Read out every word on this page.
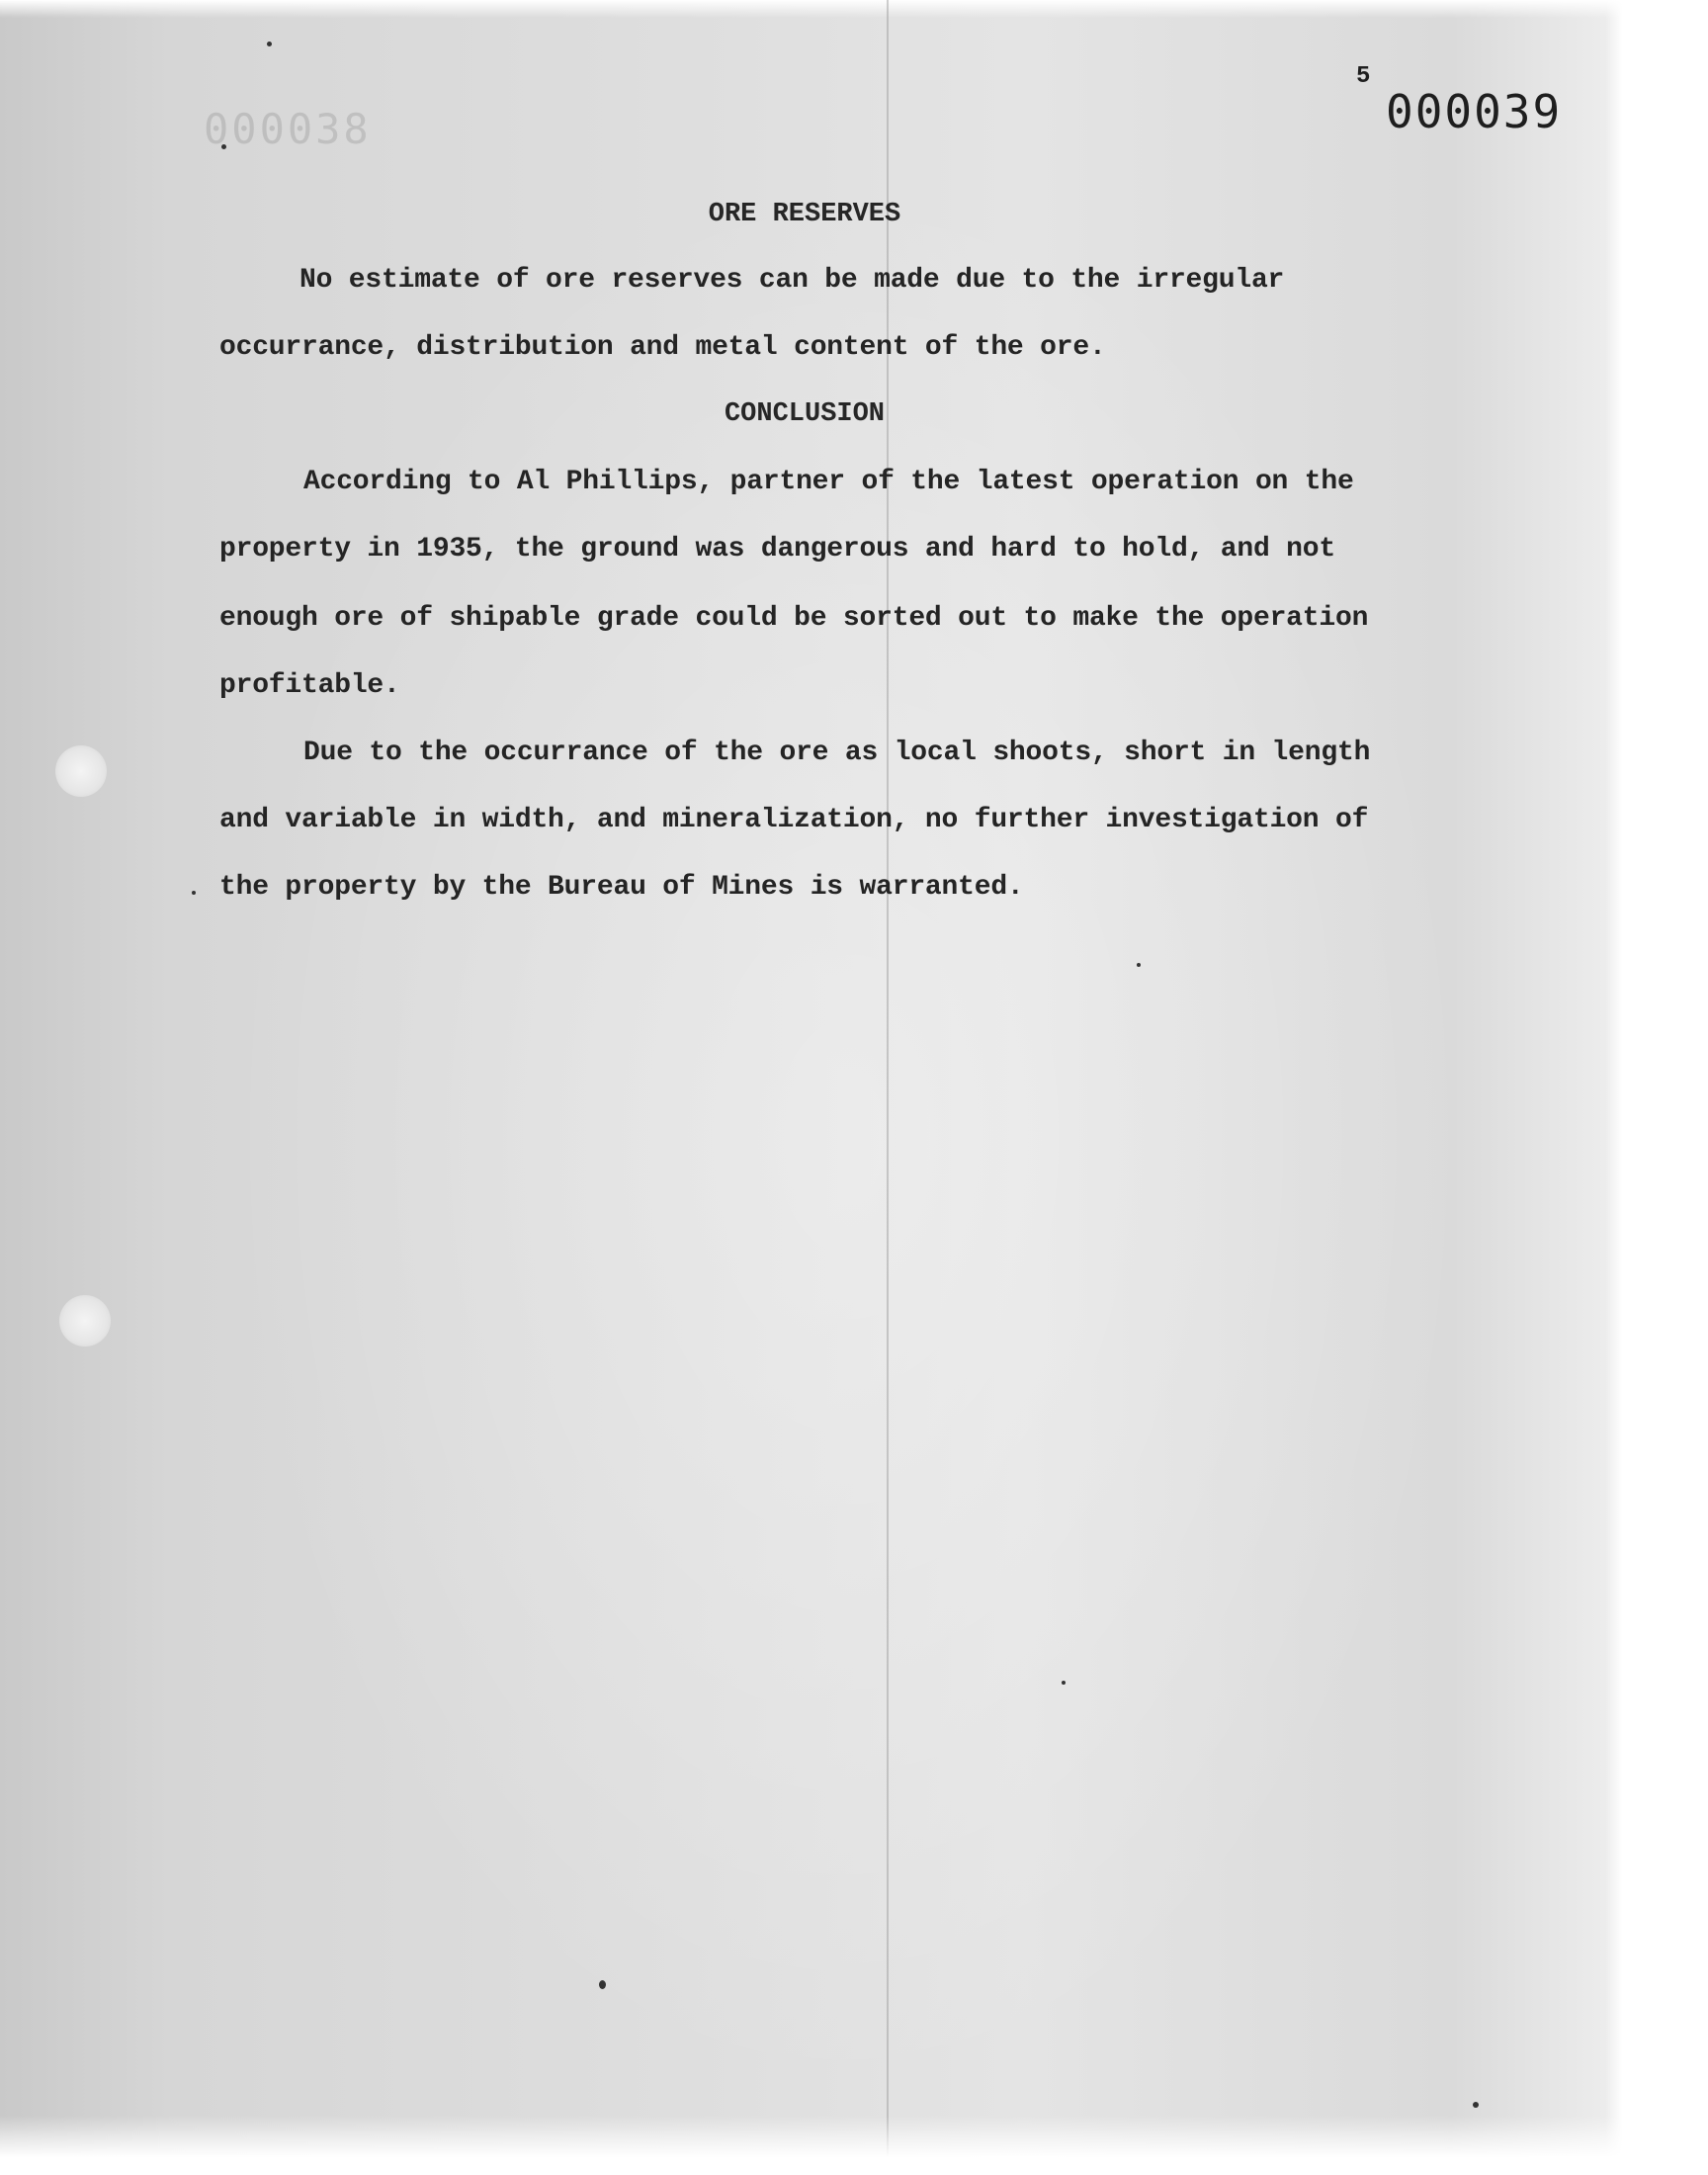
000038
5
000039
ORE RESERVES
No estimate of ore reserves can be made due to the irregular
occurrance, distribution and metal content of the ore.
CONCLUSION
According to Al Phillips, partner of the latest operation on the
property in 1935, the ground was dangerous and hard to hold, and not
enough ore of shipable grade could be sorted out to make the operation
profitable.
Due to the occurrance of the ore as local shoots, short in length
and variable in width, and mineralization, no further investigation of
the property by the Bureau of Mines is warranted.
